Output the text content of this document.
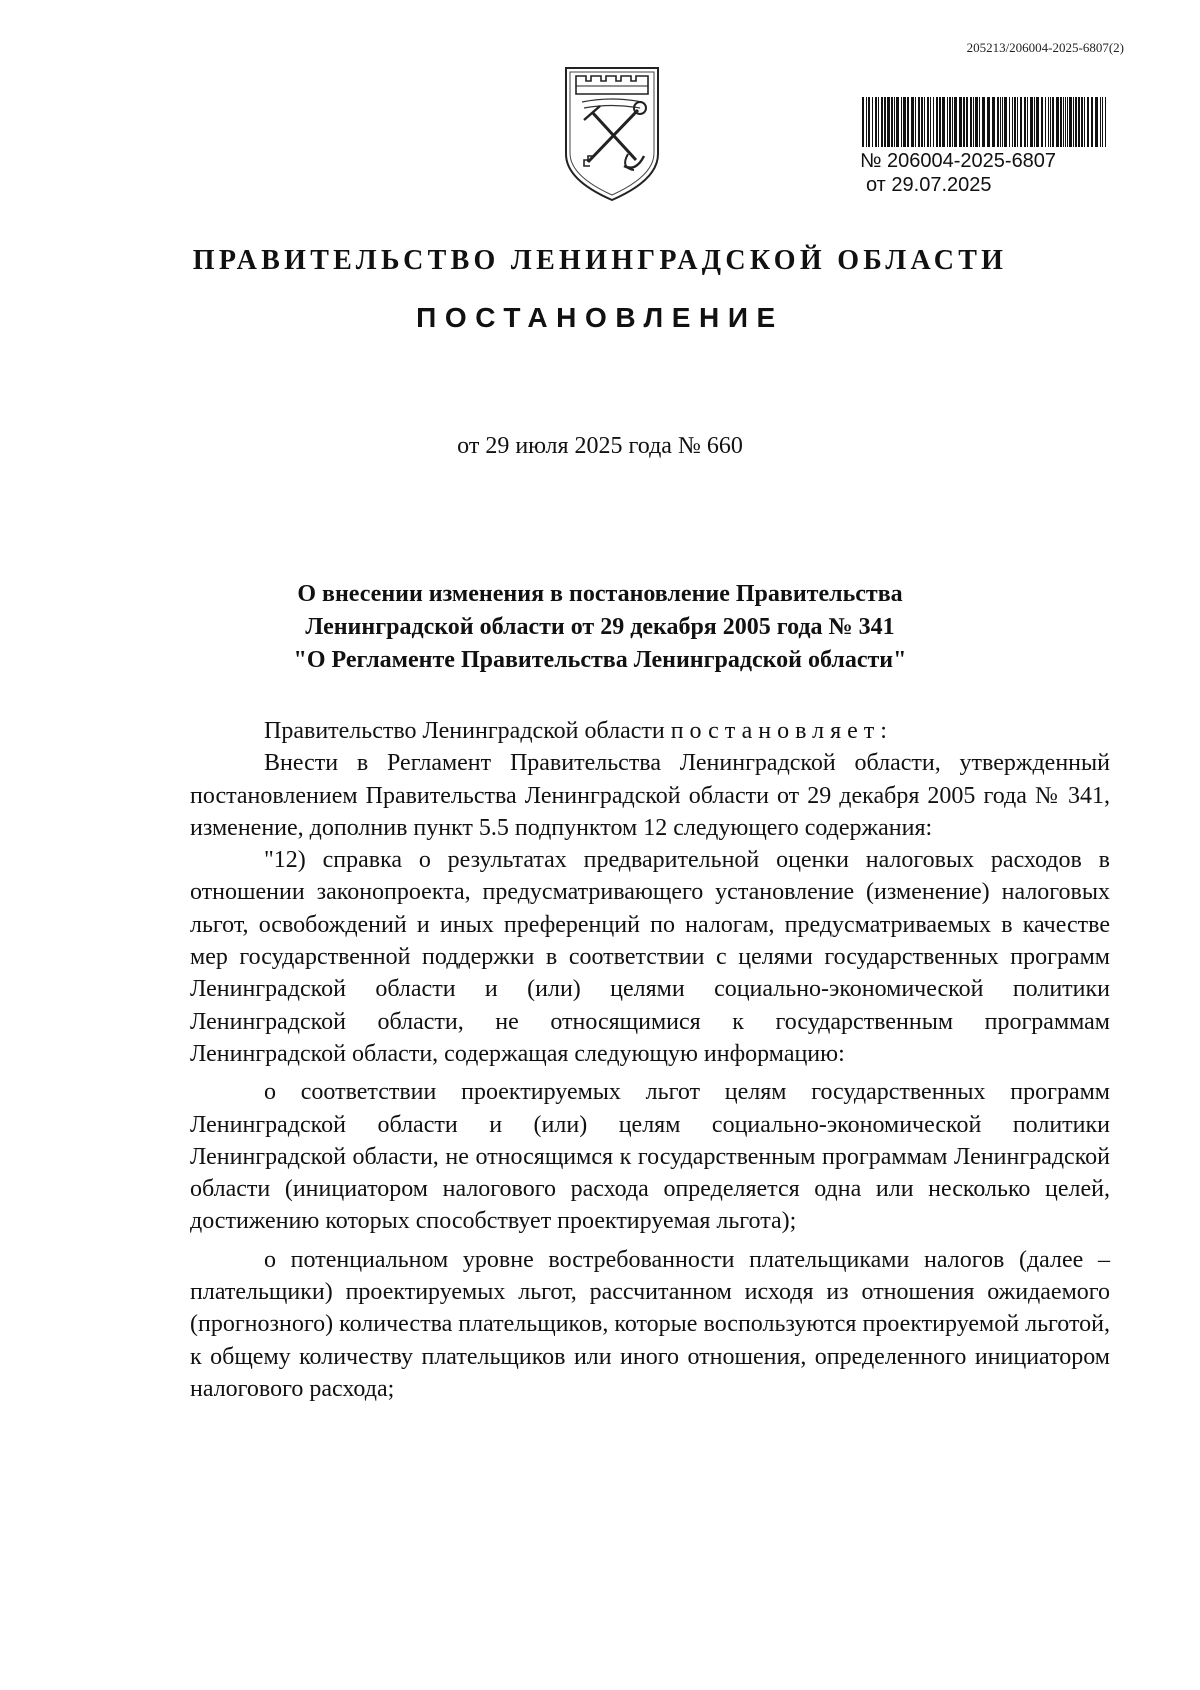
205213/206004-2025-6807(2)
№ 206004-2025-6807
от 29.07.2025
ПРАВИТЕЛЬСТВО ЛЕНИНГРАДСКОЙ ОБЛАСТИ
ПОСТАНОВЛЕНИЕ
от 29 июля 2025 года № 660
О внесении изменения в постановление Правительства
Ленинградской области от 29 декабря 2005 года № 341
"О Регламенте Правительства Ленинградской области"

Правительство Ленинградской области постановляет:

Внести в Регламент Правительства Ленинградской области, утвержденный постановлением Правительства Ленинградской области от 29 декабря 2005 года № 341, изменение, дополнив пункт 5.5 подпунктом 12 следующего содержания:

"12) справка о результатах предварительной оценки налоговых расходов в отношении законопроекта, предусматривающего установление (изменение) налоговых льгот, освобождений и иных преференций по налогам, предусматриваемых в качестве мер государственной поддержки в соответствии с целями государственных программ Ленинградской области и (или) целями социально-экономической политики Ленинградской области, не относящимися к государственным программам Ленинградской области, содержащая следующую информацию:

о соответствии проектируемых льгот целям государственных программ Ленинградской области и (или) целям социально-экономической политики Ленинградской области, не относящимся к государственным программам Ленинградской области (инициатором налогового расхода определяется одна или несколько целей, достижению которых способствует проектируемая льгота);

о потенциальном уровне востребованности плательщиками налогов (далее – плательщики) проектируемых льгот, рассчитанном исходя из отношения ожидаемого (прогнозного) количества плательщиков, которые воспользуются проектируемой льготой, к общему количеству плательщиков или иного отношения, определенного инициатором налогового расхода;
